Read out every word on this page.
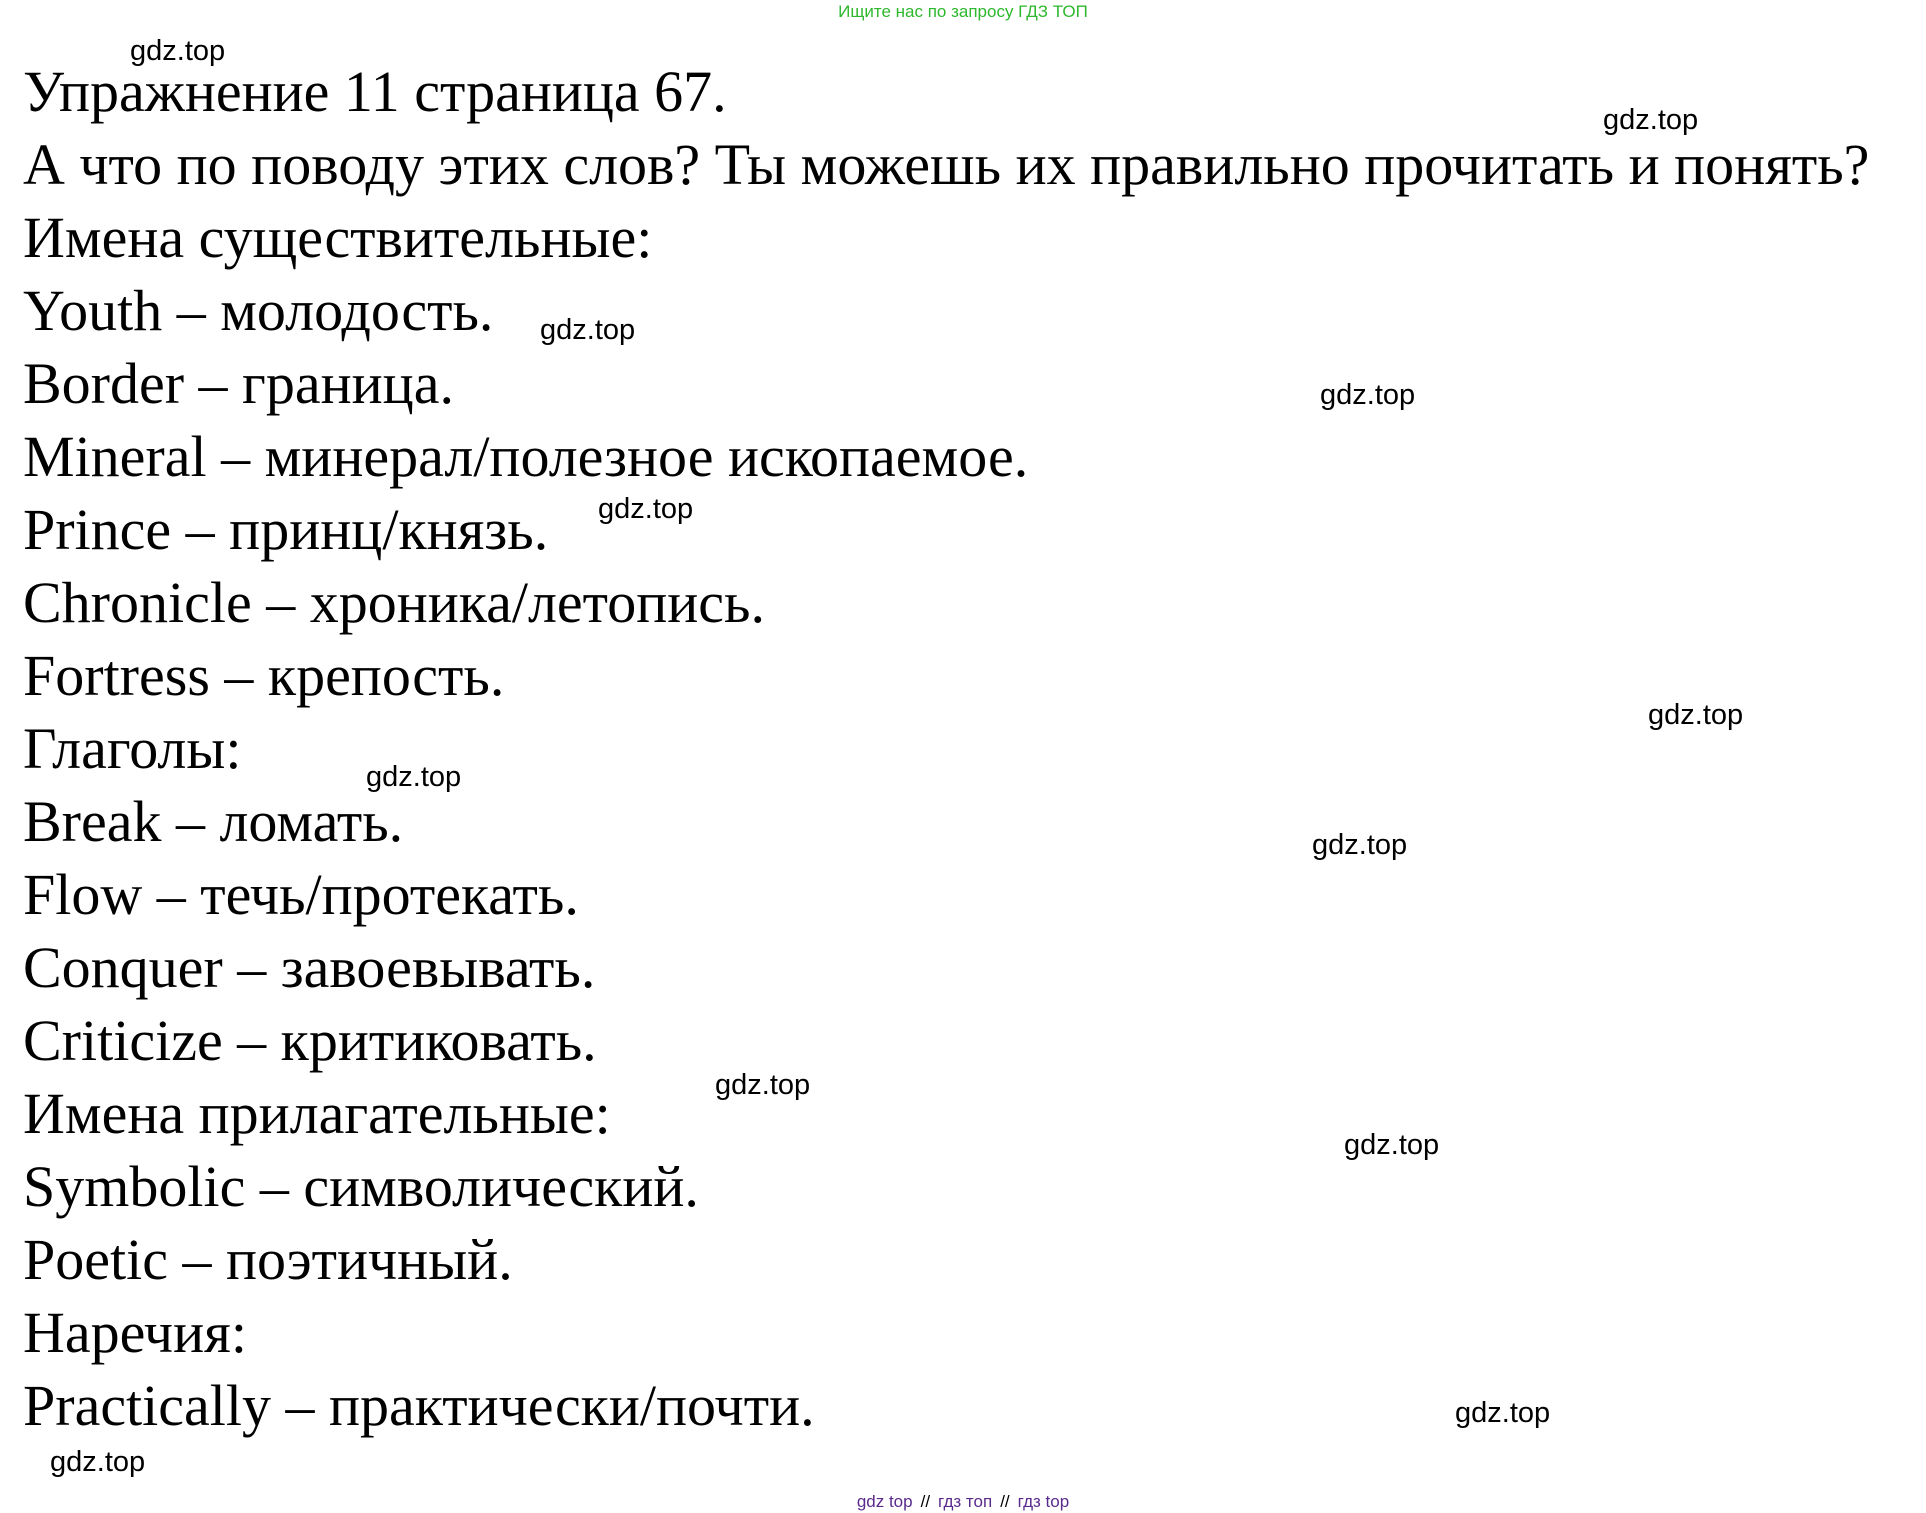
Ищите нас по запросу ГДЗ ТОП
Упражнение 11 страница 67.
А что по поводу этих слов? Ты можешь их правильно прочитать и понять?
Имена существительные:
Youth – молодость.
Border – граница.
Mineral – минерал/полезное ископаемое.
Prince – принц/князь.
Chronicle – хроника/летопись.
Fortress – крепость.
Глаголы:
Break – ломать.
Flow – течь/протекать.
Conquer – завоевывать.
Criticize – критиковать.
Имена прилагательные:
Symbolic – символический.
Poetic – поэтичный.
Наречия:
Practically – практически/почти.
gdz.top
gdz.top
gdz.top
gdz.top
gdz.top
gdz.top
gdz.top
gdz.top
gdz.top
gdz.top
gdz.top
gdz.top
gdz top // гдз топ // гдз top
